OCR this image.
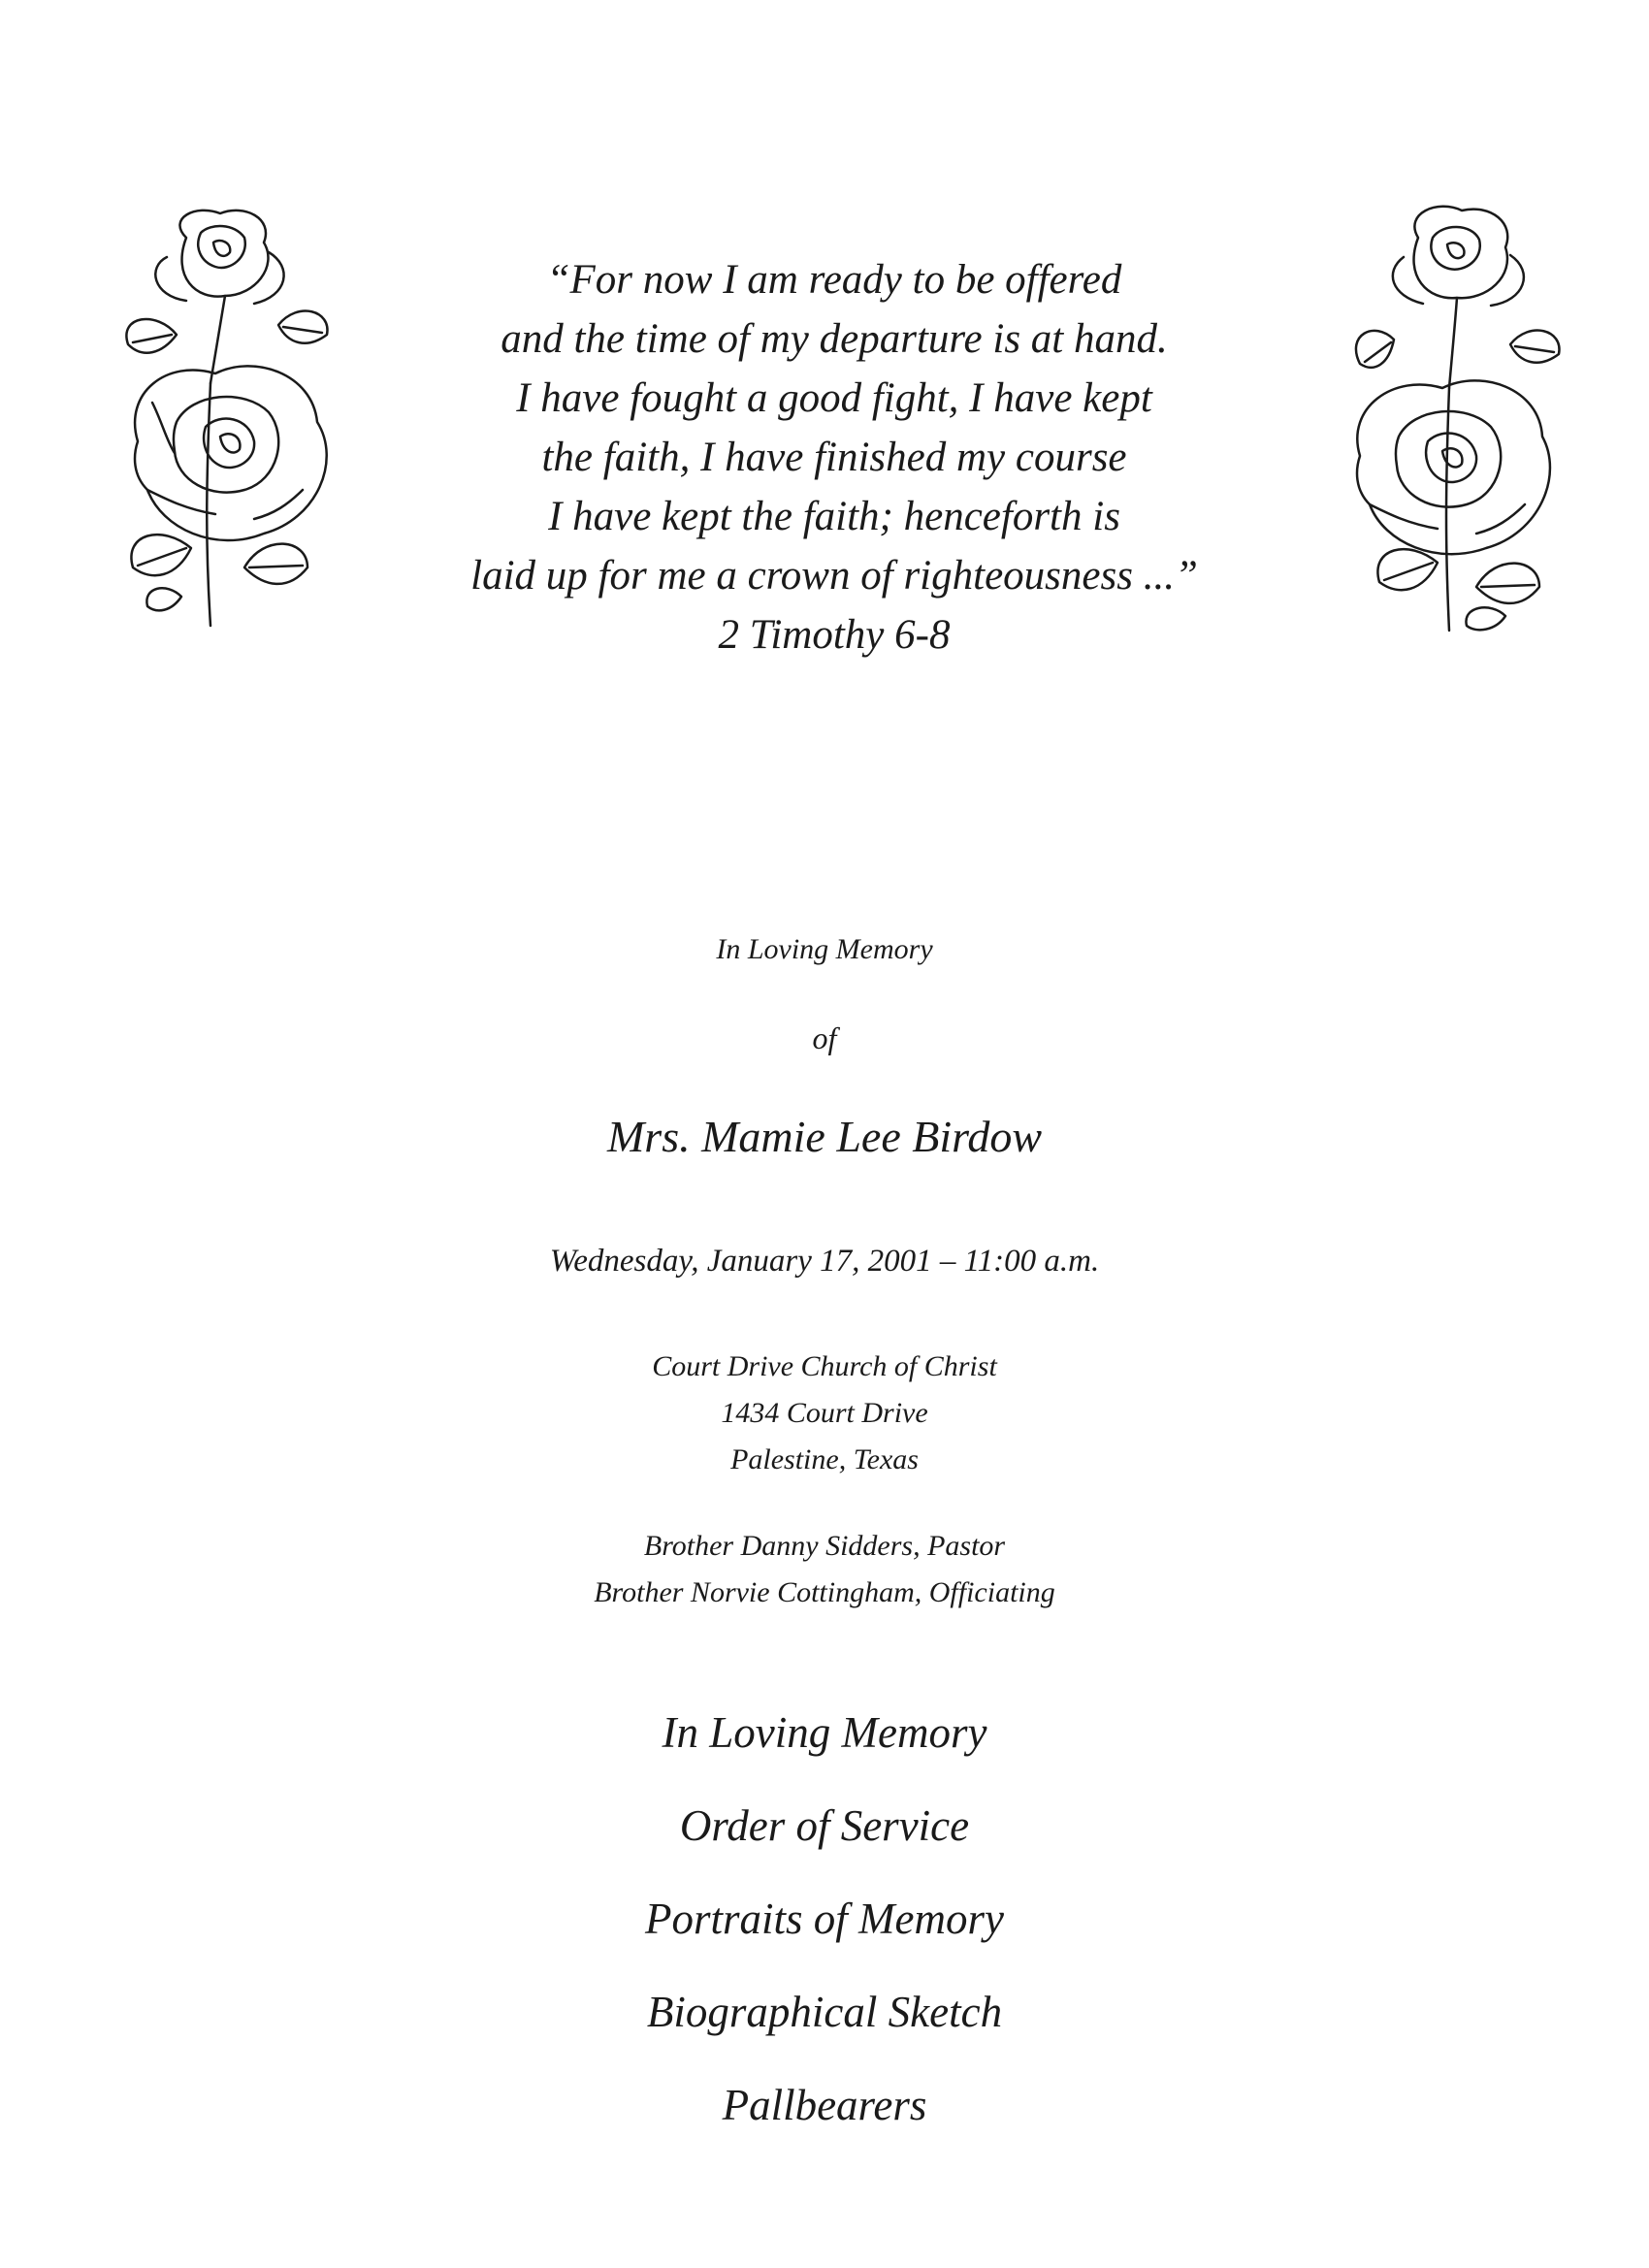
“For now I am ready to be offered
and the time of my departure is at hand.
I have fought a good fight, I have kept
the faith, I have finished my course
I have kept the faith; henceforth is
laid up for me a crown of righteousness ...”
2 Timothy 6-8
In Loving Memory
of
Mrs. Mamie Lee Birdow
Wednesday, January 17, 2001 – 11:00 a.m.
Court Drive Church of Christ
1434 Court Drive
Palestine, Texas
Brother Danny Sidders, Pastor
Brother Norvie Cottingham, Officiating
In Loving Memory
Order of Service
Portraits of Memory
Biographical Sketch
Pallbearers
